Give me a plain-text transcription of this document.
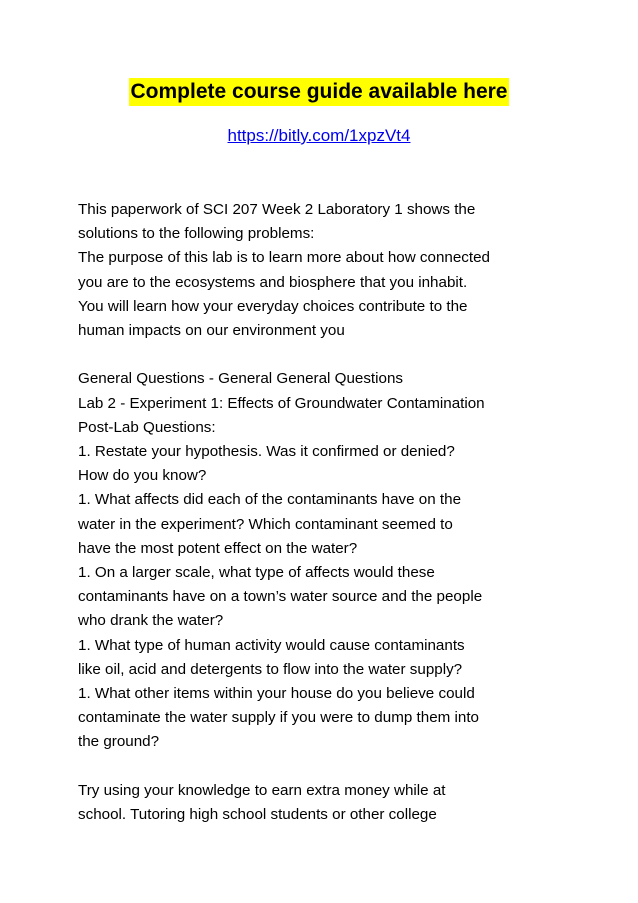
Complete course guide available here
https://bitly.com/1xpzVt4

This paperwork of SCI 207 Week 2 Laboratory 1 shows the
solutions to the following problems:
The purpose of this lab is to learn more about how connected
you are to the ecosystems and biosphere that you inhabit.
You will learn how your everyday choices contribute to the
human impacts on our environment you

General Questions - General General Questions
Lab 2 - Experiment 1: Effects of Groundwater Contamination
Post-Lab Questions:
1. Restate your hypothesis. Was it confirmed or denied?
How do you know?
1. What affects did each of the contaminants have on the
water in the experiment? Which contaminant seemed to
have the most potent effect on the water?
1. On a larger scale, what type of affects would these
contaminants have on a town’s water source and the people
who drank the water?
1. What type of human activity would cause contaminants
like oil, acid and detergents to flow into the water supply?
1. What other items within your house do you believe could
contaminate the water supply if you were to dump them into
the ground?

Try using your knowledge to earn extra money while at
school. Tutoring high school students or other college
